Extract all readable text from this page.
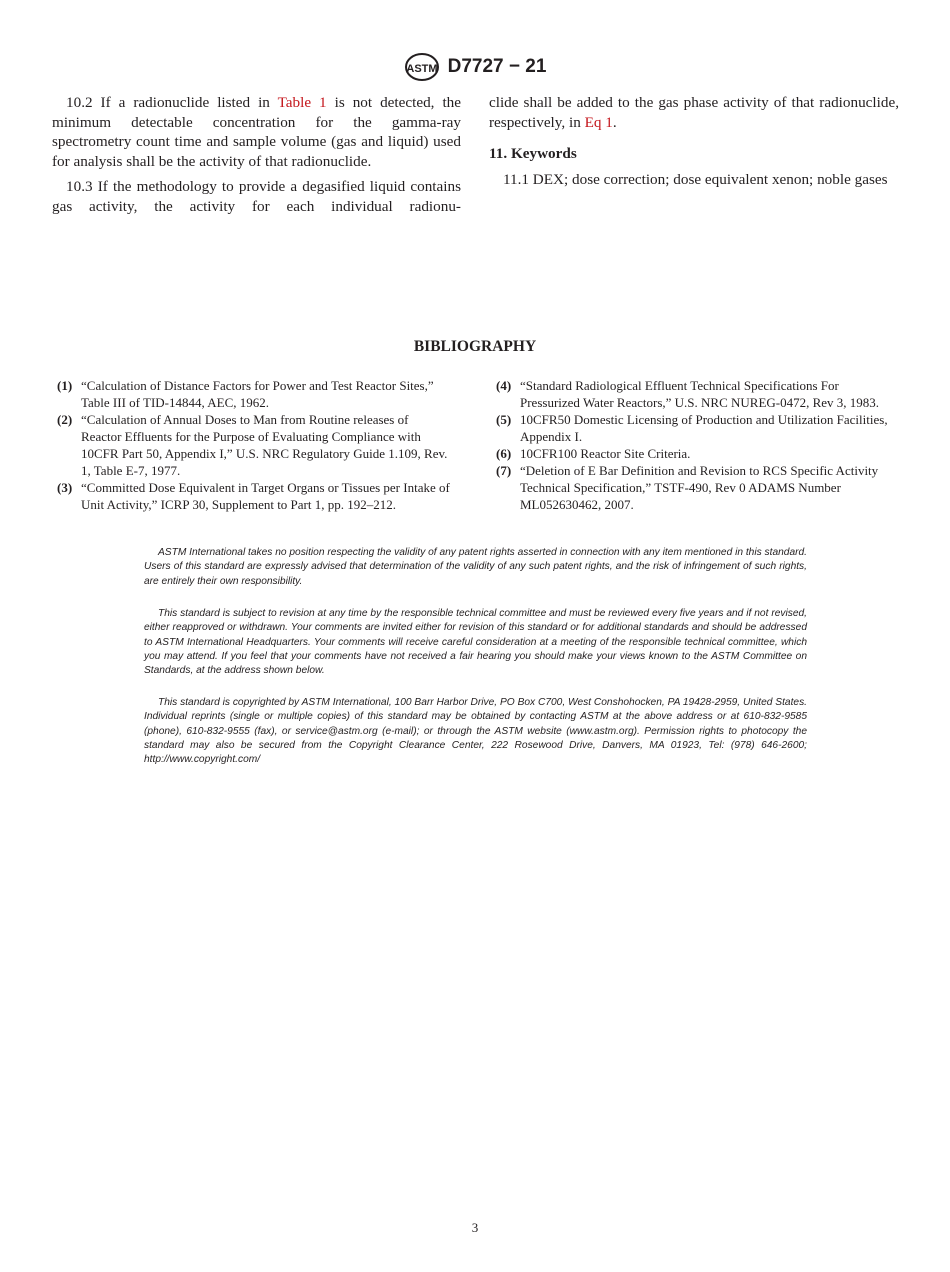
ASTM D7727 − 21

10.2 If a radionuclide listed in Table 1 is not detected, the minimum detectable concentration for the gamma-ray spectrometry count time and sample volume (gas and liquid) used for analysis shall be the activity of that radionuclide.

10.3 If the methodology to provide a degasified liquid contains gas activity, the activity for each individual radionu-

clide shall be added to the gas phase activity of that radionuclide, respectively, in Eq 1.

11. Keywords

11.1 DEX; dose correction; dose equivalent xenon; noble gases

BIBLIOGRAPHY
(1) “Calculation of Distance Factors for Power and Test Reactor Sites,” Table III of TID-14844, AEC, 1962.
(2) “Calculation of Annual Doses to Man from Routine releases of Reactor Effluents for the Purpose of Evaluating Compliance with 10CFR Part 50, Appendix I,” U.S. NRC Regulatory Guide 1.109, Rev. 1, Table E-7, 1977.
(3) “Committed Dose Equivalent in Target Organs or Tissues per Intake of Unit Activity,” ICRP 30, Supplement to Part 1, pp. 192–212.
(4) “Standard Radiological Effluent Technical Specifications For Pressurized Water Reactors,” U.S. NRC NUREG-0472, Rev 3, 1983.
(5) 10CFR50 Domestic Licensing of Production and Utilization Facilities, Appendix I.
(6) 10CFR100 Reactor Site Criteria.
(7) “Deletion of E Bar Definition and Revision to RCS Specific Activity Technical Specification,” TSTF-490, Rev 0 ADAMS Number ML052630462, 2007.
ASTM International takes no position respecting the validity of any patent rights asserted in connection with any item mentioned in this standard. Users of this standard are expressly advised that determination of the validity of any such patent rights, and the risk of infringement of such rights, are entirely their own responsibility.
This standard is subject to revision at any time by the responsible technical committee and must be reviewed every five years and if not revised, either reapproved or withdrawn. Your comments are invited either for revision of this standard or for additional standards and should be addressed to ASTM International Headquarters. Your comments will receive careful consideration at a meeting of the responsible technical committee, which you may attend. If you feel that your comments have not received a fair hearing you should make your views known to the ASTM Committee on Standards, at the address shown below.
This standard is copyrighted by ASTM International, 100 Barr Harbor Drive, PO Box C700, West Conshohocken, PA 19428-2959, United States. Individual reprints (single or multiple copies) of this standard may be obtained by contacting ASTM at the above address or at 610-832-9585 (phone), 610-832-9555 (fax), or service@astm.org (e-mail); or through the ASTM website (www.astm.org). Permission rights to photocopy the standard may also be secured from the Copyright Clearance Center, 222 Rosewood Drive, Danvers, MA 01923, Tel: (978) 646-2600; http://www.copyright.com/
3
